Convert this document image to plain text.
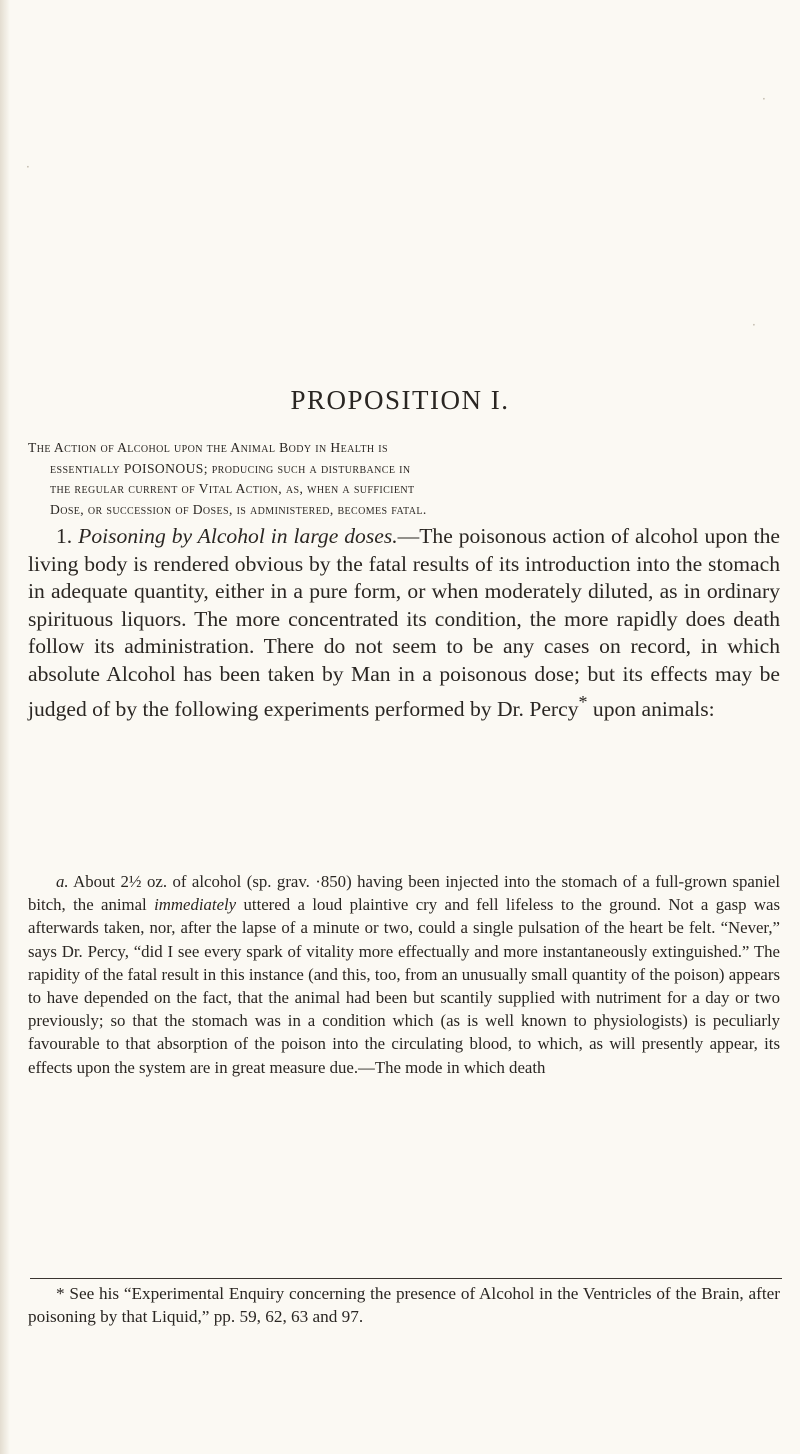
PROPOSITION I.
The Action of Alcohol upon the Animal Body in Health is
essentially POISONOUS; producing such a disturbance in
the regular current of Vital Action, as, when a sufficient
Dose, or succession of Doses, is administered, becomes fatal.

1. Poisoning by Alcohol in large doses.—The poisonous action of alcohol upon the living body is rendered obvious by the fatal results of its introduction into the stomach in adequate quantity, either in a pure form, or when moderately diluted, as in ordinary spirituous liquors. The more concentrated its condition, the more rapidly does death follow its administration. There do not seem to be any cases on record, in which absolute Alcohol has been taken by Man in a poisonous dose; but its effects may be judged of by the following experiments performed by Dr. Percy* upon animals:

a. About 2½ oz. of alcohol (sp. grav. ·850) having been injected into the stomach of a full-grown spaniel bitch, the animal immediately uttered a loud plaintive cry and fell lifeless to the ground. Not a gasp was afterwards taken, nor, after the lapse of a minute or two, could a single pulsation of the heart be felt. “Never,” says Dr. Percy, “did I see every spark of vitality more effectually and more instantaneously extinguished.” The rapidity of the fatal result in this instance (and this, too, from an unusually small quantity of the poison) appears to have depended on the fact, that the animal had been but scantily supplied with nutriment for a day or two previously; so that the stomach was in a condition which (as is well known to physiologists) is peculiarly favourable to that absorption of the poison into the circulating blood, to which, as will presently appear, its effects upon the system are in great measure due.—The mode in which death

* See his “Experimental Enquiry concerning the presence of Alcohol in the Ventricles of the Brain, after poisoning by that Liquid,” pp. 59, 62, 63 and 97.

·
·
·
